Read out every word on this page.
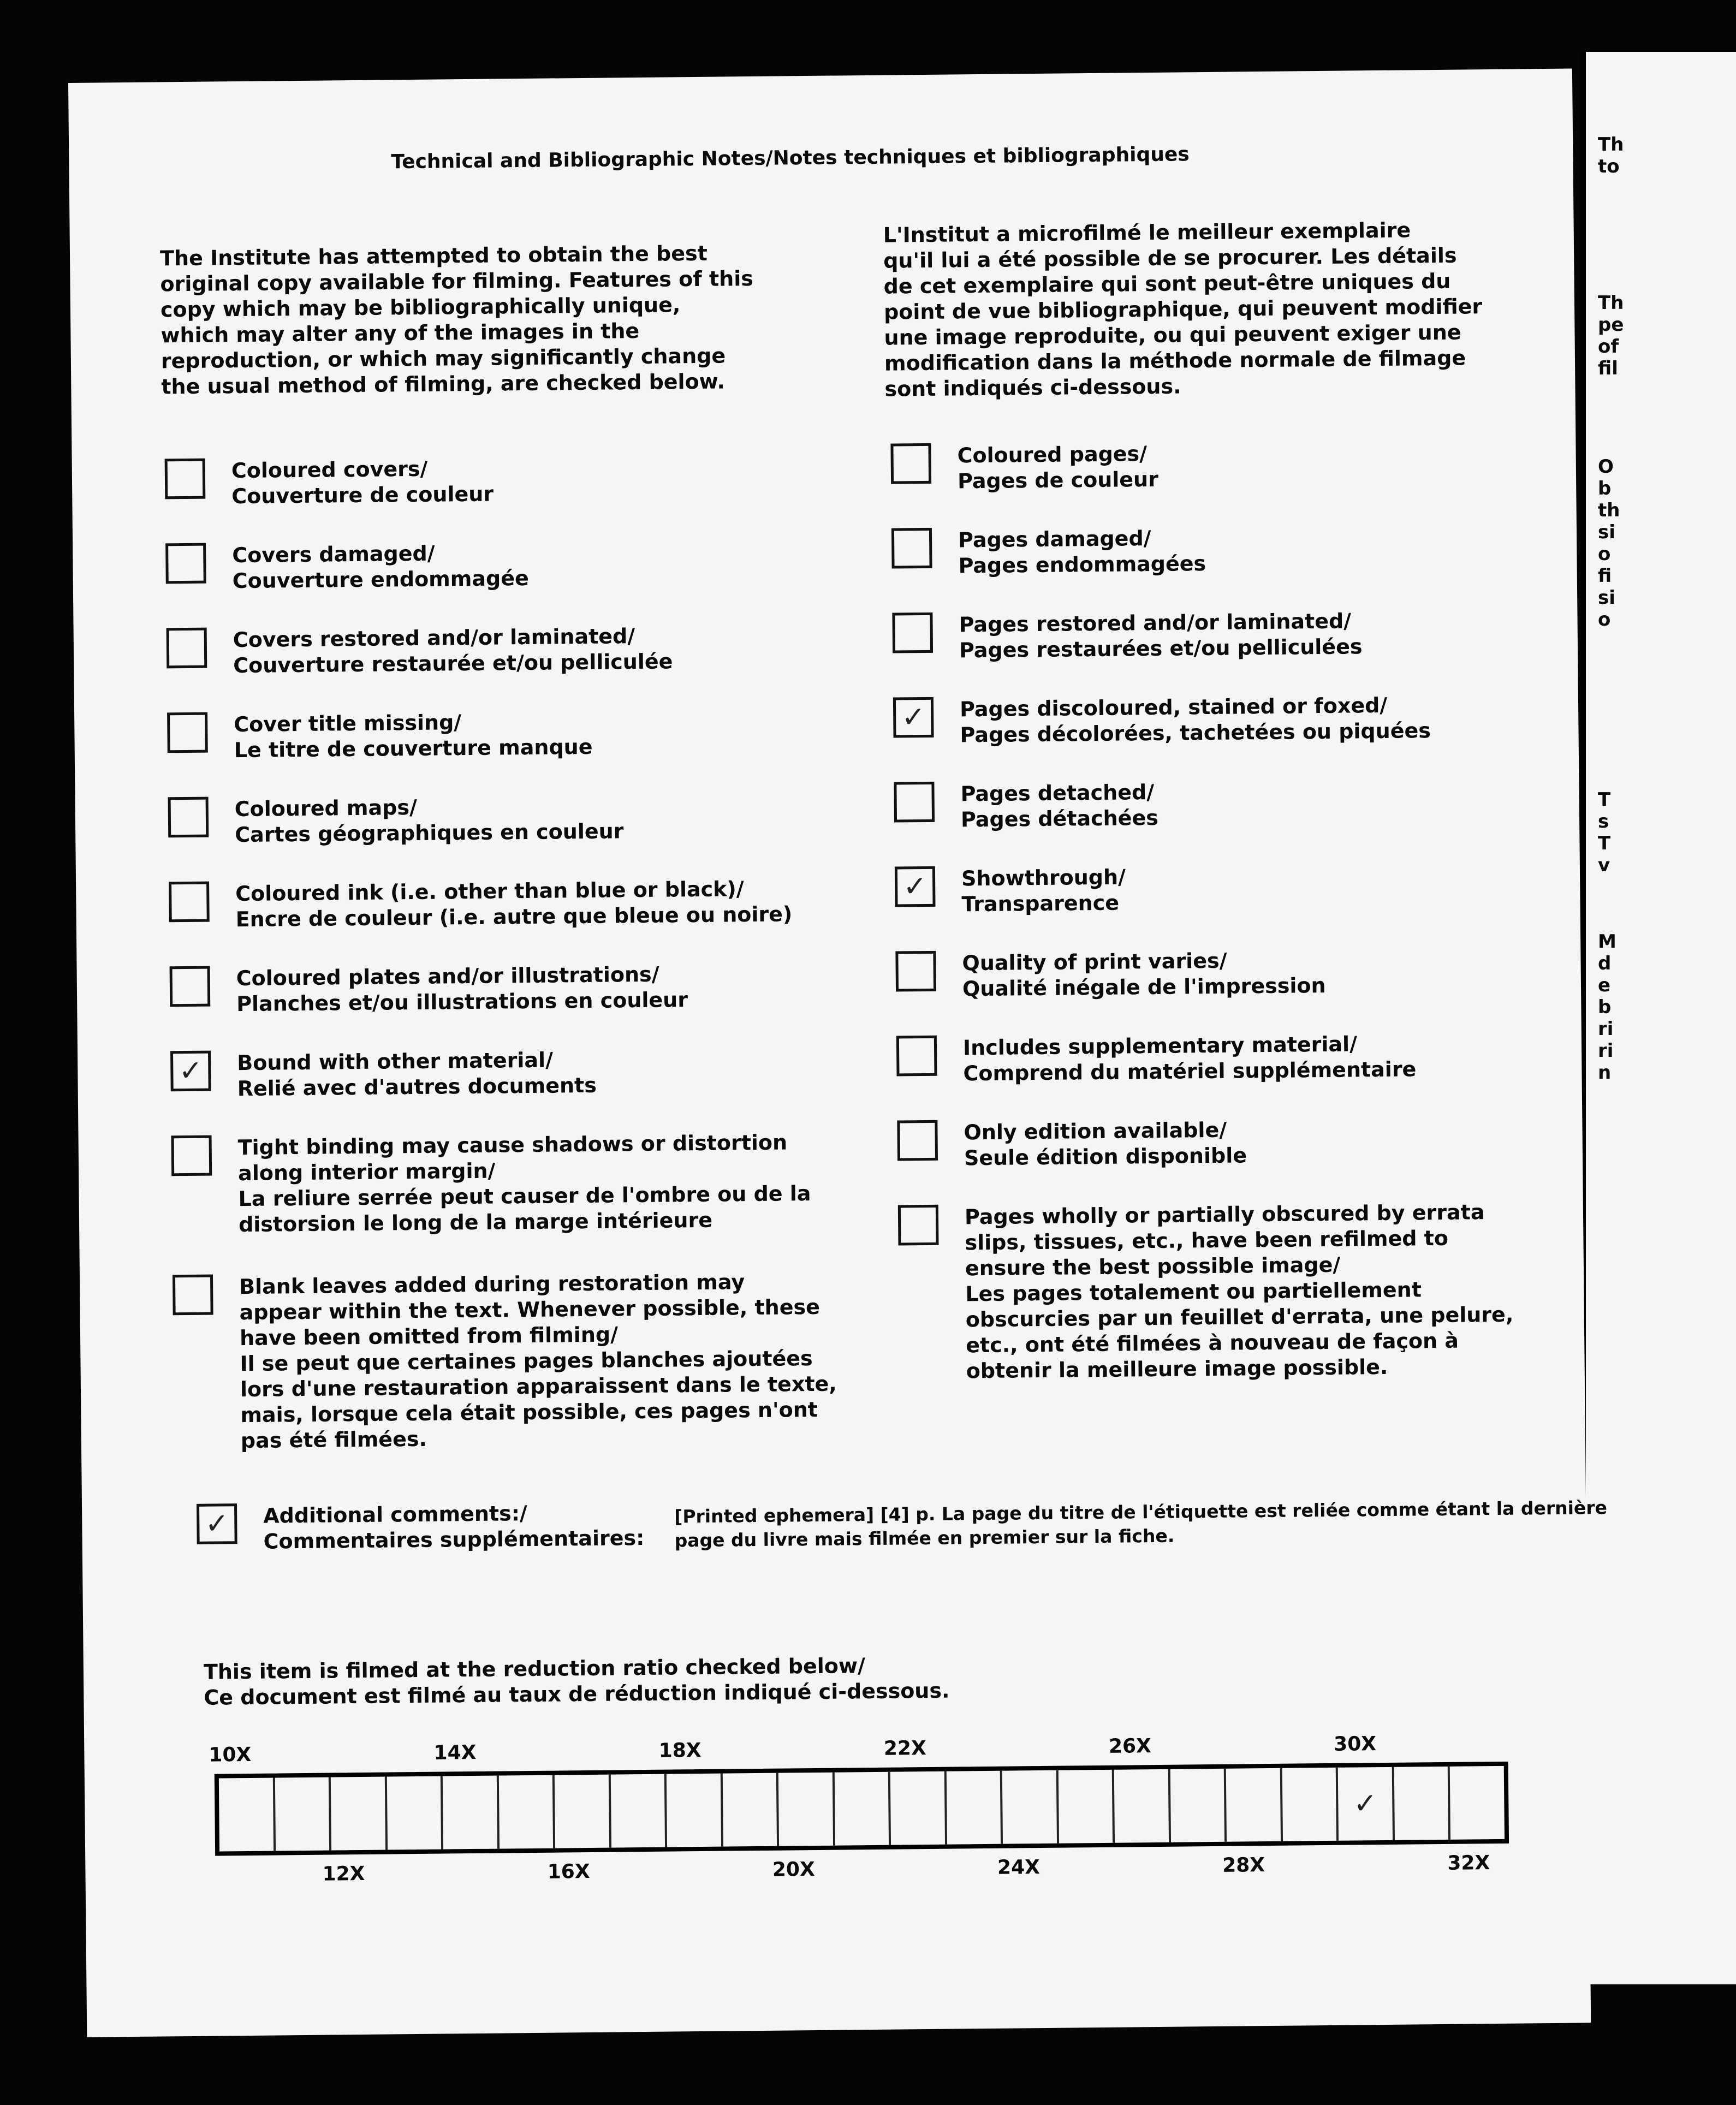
Th
to
Th
pe
of
fil
O
b
th
si
o
fi
si
o
T
s
T
v
M
d
e
b
ri
ri
n
Technical and Bibliographic Notes/Notes techniques et bibliographiques
The Institute has attempted to obtain the best
original copy available for filming. Features of this
copy which may be bibliographically unique,
which may alter any of the images in the
reproduction, or which may significantly change
the usual method of filming, are checked below.
L'Institut a microfilmé le meilleur exemplaire
qu'il lui a été possible de se procurer. Les détails
de cet exemplaire qui sont peut-être uniques du
point de vue bibliographique, qui peuvent modifier
une image reproduite, ou qui peuvent exiger une
modification dans la méthode normale de filmage
sont indiqués ci-dessous.
Coloured covers/
Couverture de couleur
Covers damaged/
Couverture endommagée
Covers restored and/or laminated/
Couverture restaurée et/ou pelliculée
Cover title missing/
Le titre de couverture manque
Coloured maps/
Cartes géographiques en couleur
Coloured ink (i.e. other than blue or black)/
Encre de couleur (i.e. autre que bleue ou noire)
Coloured plates and/or illustrations/
Planches et/ou illustrations en couleur
✓ Bound with other material/
Relié avec d'autres documents
Tight binding may cause shadows or distortion
along interior margin/
La reliure serrée peut causer de l'ombre ou de la
distorsion le long de la marge intérieure
Blank leaves added during restoration may
appear within the text. Whenever possible, these
have been omitted from filming/
Il se peut que certaines pages blanches ajoutées
lors d'une restauration apparaissent dans le texte,
mais, lorsque cela était possible, ces pages n'ont
pas été filmées.
Coloured pages/
Pages de couleur
Pages damaged/
Pages endommagées
Pages restored and/or laminated/
Pages restaurées et/ou pelliculées
✓ Pages discoloured, stained or foxed/
Pages décolorées, tachetées ou piquées
Pages detached/
Pages détachées
✓ Showthrough/
Transparence
Quality of print varies/
Qualité inégale de l'impression
Includes supplementary material/
Comprend du matériel supplémentaire
Only edition available/
Seule édition disponible
Pages wholly or partially obscured by errata
slips, tissues, etc., have been refilmed to
ensure the best possible image/
Les pages totalement ou partiellement
obscurcies par un feuillet d'errata, une pelure,
etc., ont été filmées à nouveau de façon à
obtenir la meilleure image possible.
✓ Additional comments:/
Commentaires supplémentaires:
[Printed ephemera] [4] p. La page du titre de l'étiquette est reliée comme étant la dernière
page du livre mais filmée en premier sur la fiche.
This item is filmed at the reduction ratio checked below/
Ce document est filmé au taux de réduction indiqué ci-dessous.
10X	14X	18X	22X	26X	30X
✓
12X	16X	20X	24X	28X	32X
